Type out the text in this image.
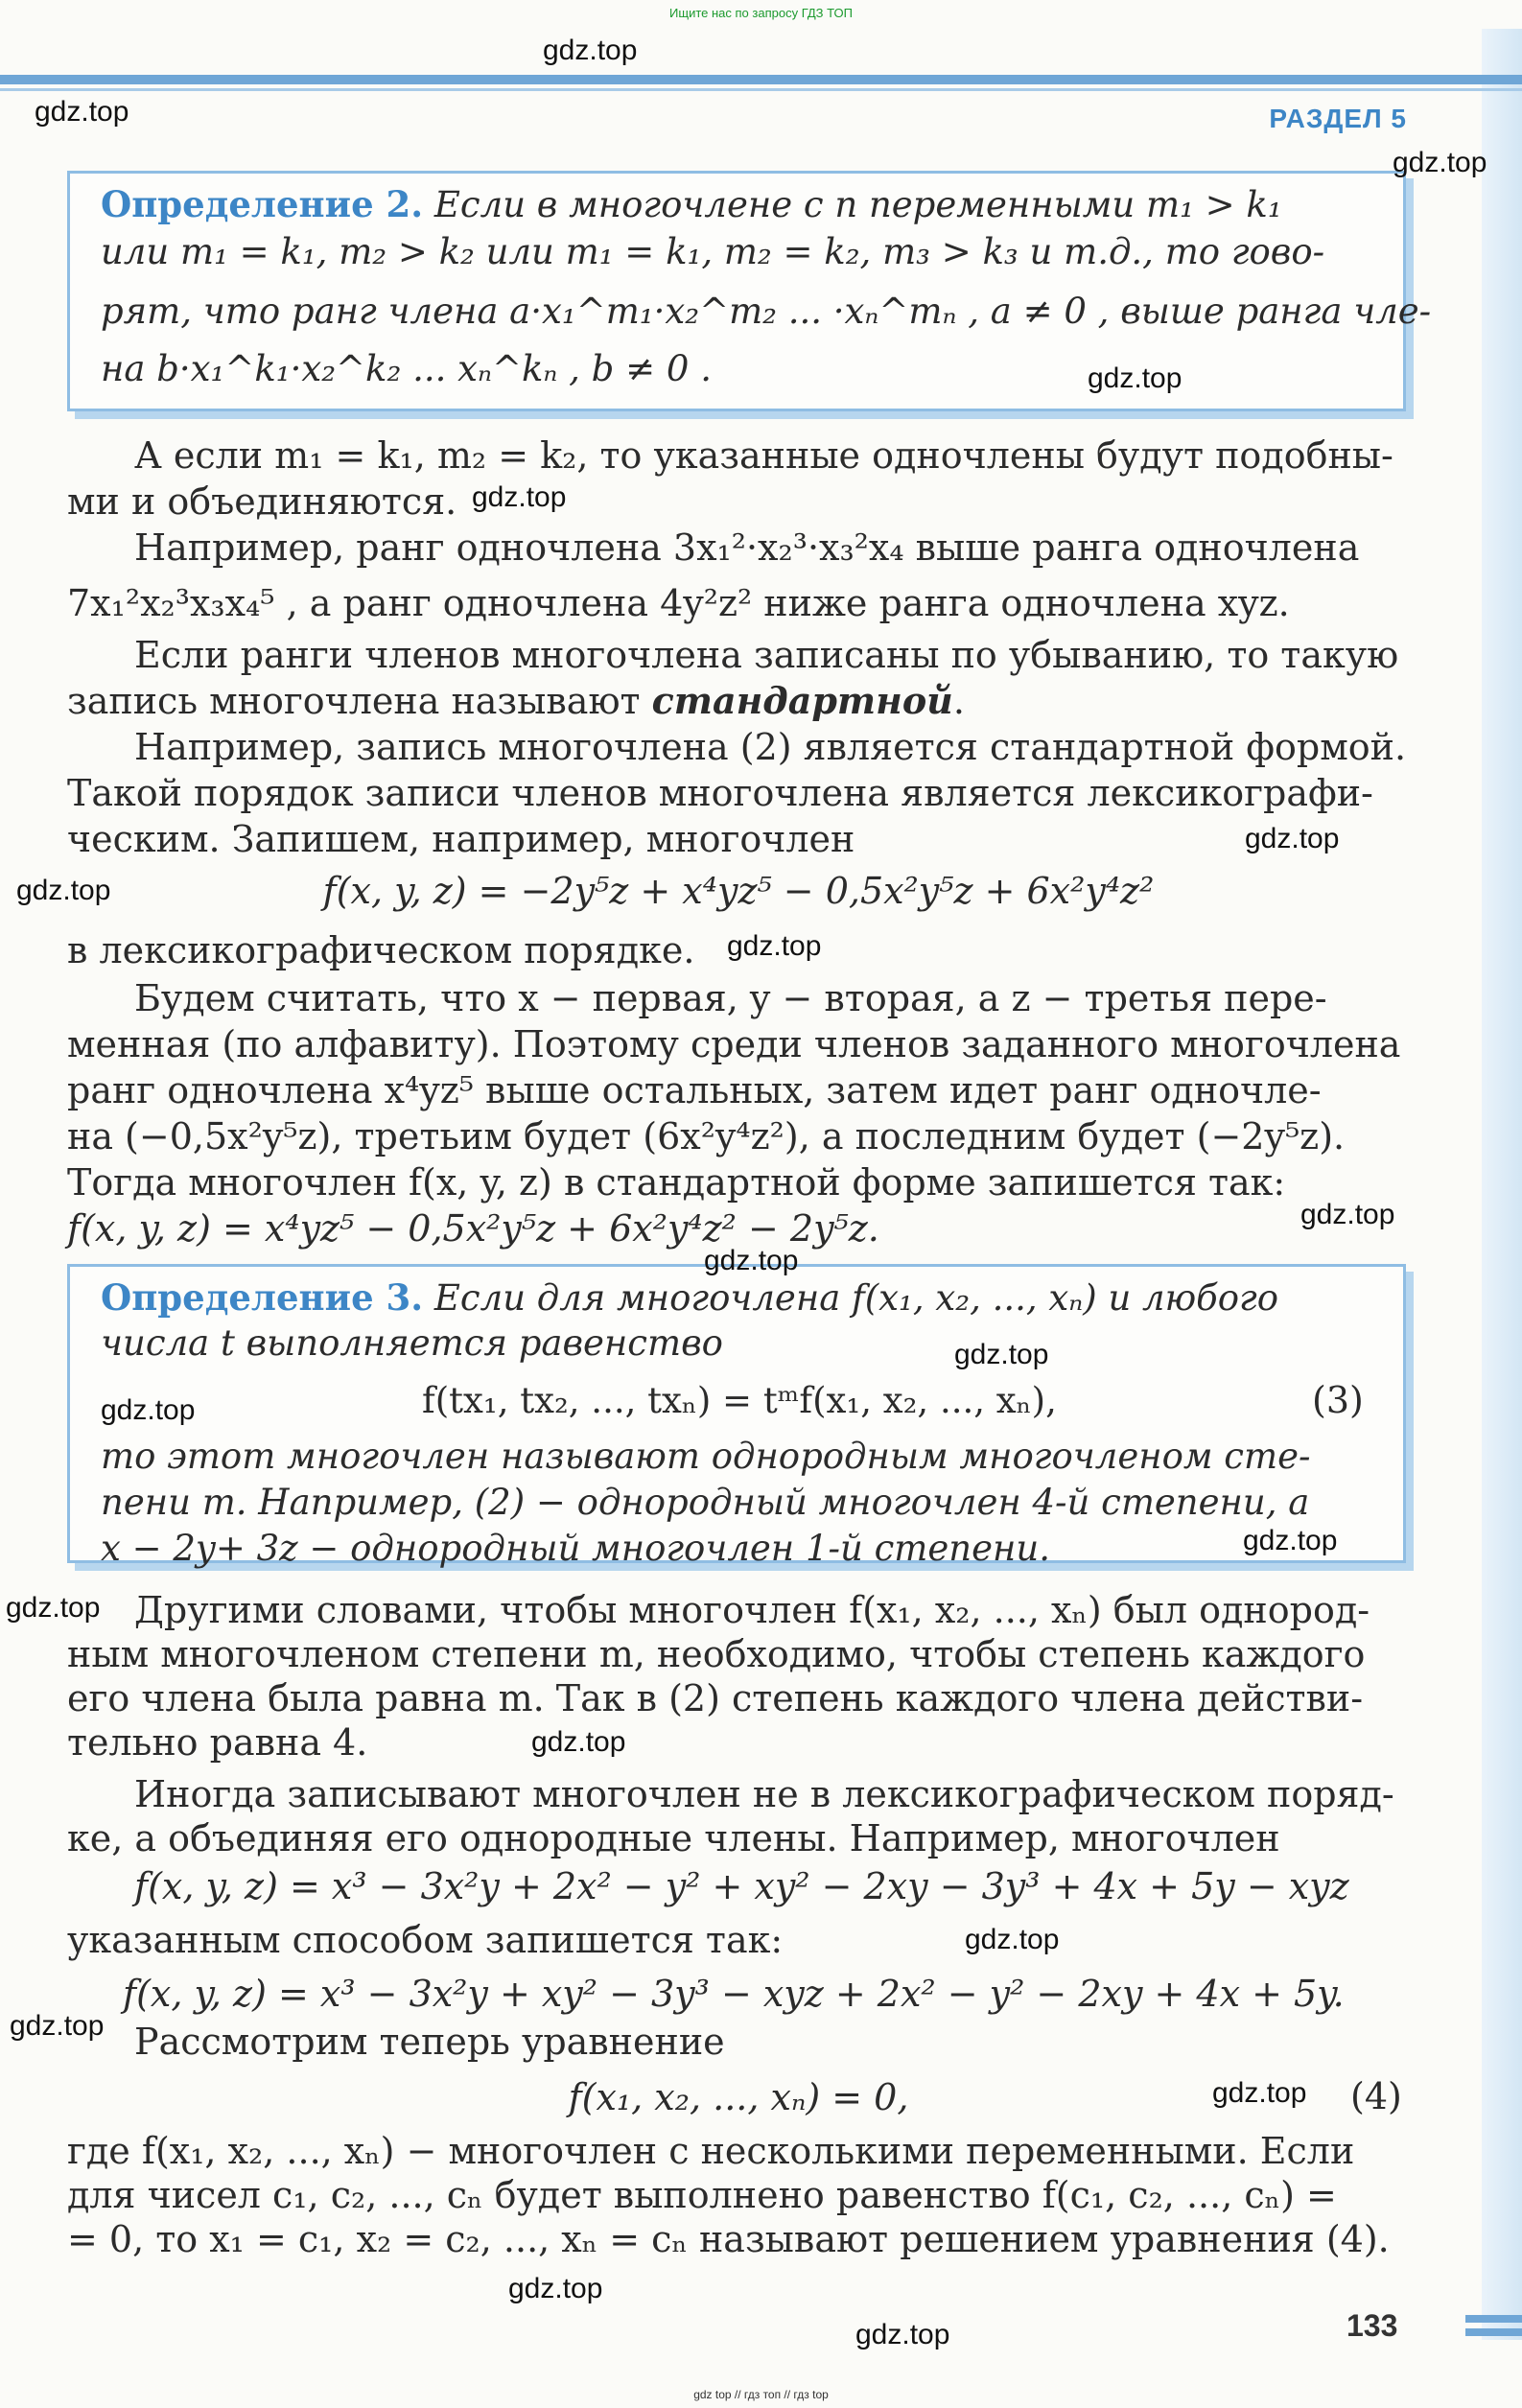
Ищите нас по запросу ГДЗ ТОП
РАЗДЕЛ 5
Определение 2. Если в многочлене с n переменными m₁ > k₁
или m₁ = k₁, m₂ > k₂ или m₁ = k₁, m₂ = k₂, m₃ > k₃ и т.д., то гово-
рят, что ранг члена a·x₁^m₁·x₂^m₂ ... ·xₙ^mₙ , a ≠ 0 , выше ранга чле-
на b·x₁^k₁·x₂^k₂ ... xₙ^kₙ , b ≠ 0 .
А если m₁ = k₁, m₂ = k₂, то указанные одночлены будут подобны-
ми и объединяются.
Например, ранг одночлена 3x₁²·x₂³·x₃²x₄ выше ранга одночлена
7x₁²x₂³x₃x₄⁵ , а ранг одночлена 4y²z² ниже ранга одночлена xyz.
Если ранги членов многочлена записаны по убыванию, то такую
запись многочлена называют стандартной.
Например, запись многочлена (2) является стандартной формой.
Такой порядок записи членов многочлена является лексикографи-
ческим. Запишем, например, многочлен
f(x, y, z) = −2y⁵z + x⁴yz⁵ − 0,5x²y⁵z + 6x²y⁴z²
в лексикографическом порядке.
Будем считать, что x − первая, y − вторая, а z − третья пере-
менная (по алфавиту). Поэтому среди членов заданного многочлена
ранг одночлена x⁴yz⁵ выше остальных, затем идет ранг одночле-
на (−0,5x²y⁵z), третьим будет (6x²y⁴z²), а последним будет (−2y⁵z).
Тогда многочлен f(x, y, z) в стандартной форме запишется так:
f(x, y, z) = x⁴yz⁵ − 0,5x²y⁵z + 6x²y⁴z² − 2y⁵z.
Определение 3. Если для многочлена f(x₁, x₂, ..., xₙ) и любого
числа t выполняется равенство
f(tx₁, tx₂, ..., txₙ) = tᵐf(x₁, x₂, ..., xₙ),	(3)
то этот многочлен называют однородным многочленом сте-
пени m. Например, (2) − однородный многочлен 4-й степени, а
x − 2y+ 3z − однородный многочлен 1-й степени.
Другими словами, чтобы многочлен f(x₁, x₂, ..., xₙ) был однород-
ным многочленом степени m, необходимо, чтобы степень каждого
его члена была равна m. Так в (2) степень каждого члена действи-
тельно равна 4.
Иногда записывают многочлен не в лексикографическом поряд-
ке, а объединяя его однородные члены. Например, многочлен
f(x, y, z) = x³ − 3x²y + 2x² − y² + xy² − 2xy − 3y³ + 4x + 5y − xyz
указанным способом запишется так:
f(x, y, z) = x³ − 3x²y + xy² − 3y³ − xyz + 2x² − y² − 2xy + 4x + 5y.
Рассмотрим теперь уравнение
f(x₁, x₂, ..., xₙ) = 0,	(4)
где f(x₁, x₂, ..., xₙ) − многочлен с несколькими переменными. Если
для чисел c₁, c₂, ..., cₙ будет выполнено равенство f(c₁, c₂, ..., cₙ) =
= 0, то x₁ = c₁, x₂ = c₂, ..., xₙ = cₙ называют решением уравнения (4).
133
gdz.top
gdz.top
gdz.top
gdz.top
gdz.top
gdz.top
gdz.top
gdz.top
gdz.top
gdz.top
gdz.top
gdz.top
gdz.top
gdz.top
gdz.top
gdz.top
gdz.top
gdz.top
gdz.top
gdz.top
gdz top // гдз топ // гдз top
